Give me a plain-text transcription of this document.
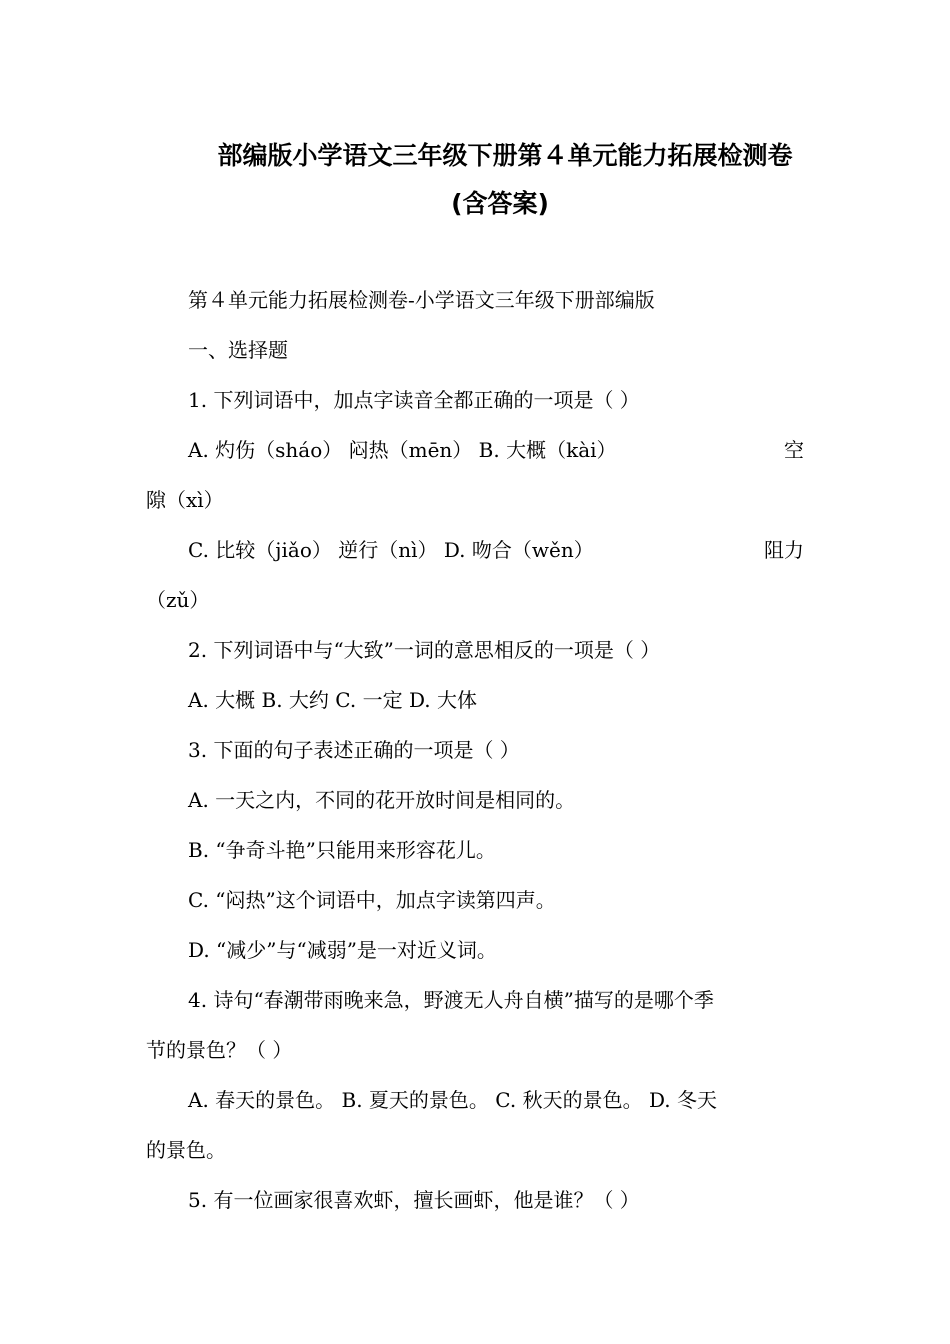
部编版小学语文三年级下册第４单元能力拓展检测卷
(含答案)
第４单元能力拓展检测卷-小学语文三年级下册部编版
一、选择题
1. 下列词语中，加点字读音全都正确的一项是（ ）
A. 灼伤（sháo） 闷热（mēn） B. 大概（kài）	空
隙（xì）
C. 比较（jiǎo） 逆行（nì） D. 吻合（wěn）	阻力
（zǔ）
2. 下列词语中与“大致”一词的意思相反的一项是（ ）
A. 大概 B. 大约 C. 一定 D. 大体
3. 下面的句子表述正确的一项是（ ）
A. 一天之内，不同的花开放时间是相同的。
B. “争奇斗艳”只能用来形容花儿。
C. “闷热”这个词语中，加点字读第四声。
D. “减少”与“减弱”是一对近义词。
4. 诗句“春潮带雨晚来急，野渡无人舟自横”描写的是哪个季
节的景色？（ ）
A. 春天的景色。 B. 夏天的景色。 C. 秋天的景色。 D. 冬天
的景色。
5. 有一位画家很喜欢虾，擅长画虾，他是谁？（ ）
